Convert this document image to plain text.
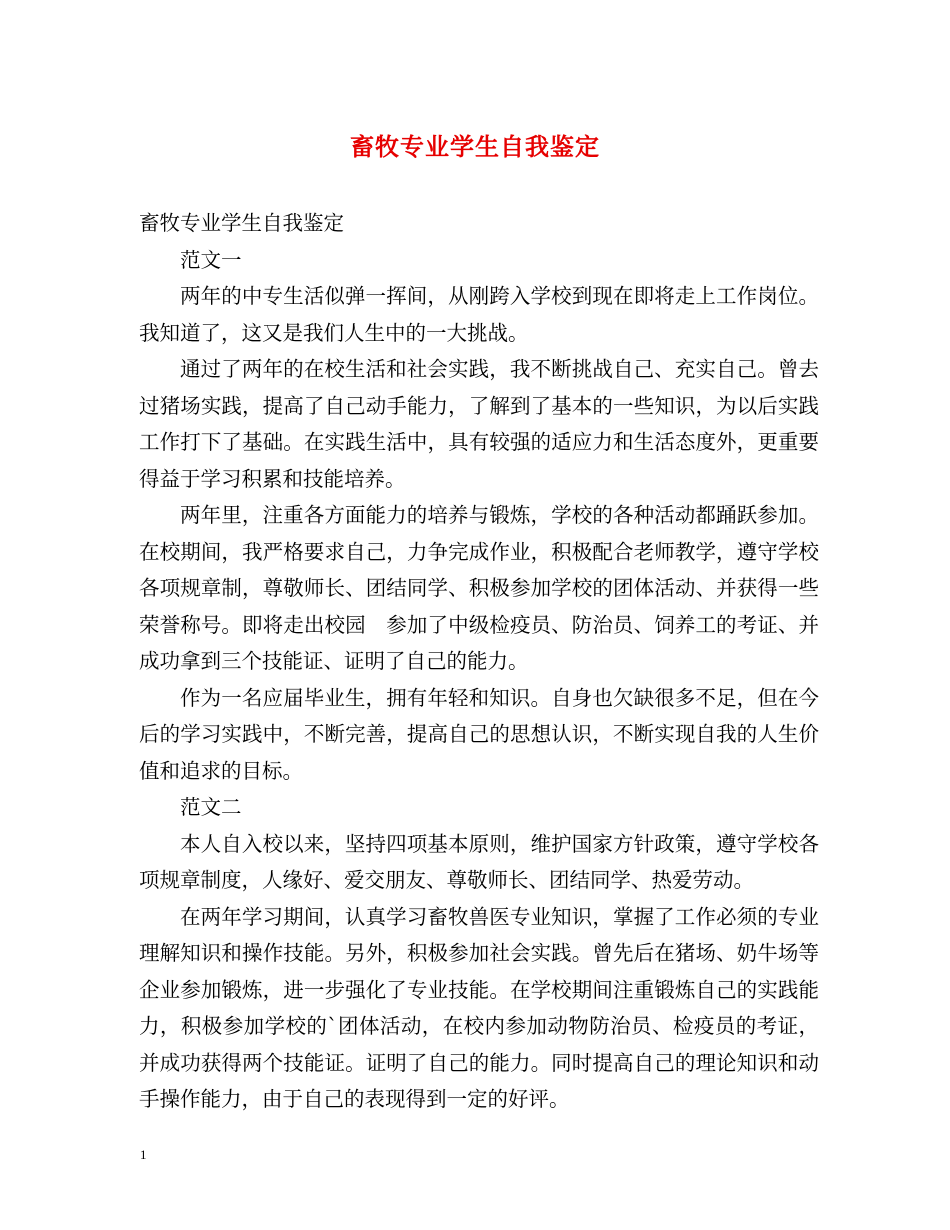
畜牧专业学生自我鉴定

畜牧专业学生自我鉴定

范文一

两年的中专生活似弹一挥间，从刚跨入学校到现在即将走上工作岗位。我知道了，这又是我们人生中的一大挑战。

通过了两年的在校生活和社会实践，我不断挑战自己、充实自己。曾去过猪场实践，提高了自己动手能力，了解到了基本的一些知识，为以后实践工作打下了基础。在实践生活中，具有较强的适应力和生活态度外，更重要得益于学习积累和技能培养。

两年里，注重各方面能力的培养与锻炼，学校的各种活动都踊跃参加。在校期间，我严格要求自己，力争完成作业，积极配合老师教学，遵守学校各项规章制，尊敬师长、团结同学、积极参加学校的团体活动、并获得一些荣誉称号。即将走出校园　参加了中级检疫员、防治员、饲养工的考证、并成功拿到三个技能证、证明了自己的能力。

作为一名应届毕业生，拥有年轻和知识。自身也欠缺很多不足，但在今后的学习实践中，不断完善，提高自己的思想认识，不断实现自我的人生价值和追求的目标。

范文二

本人自入校以来，坚持四项基本原则，维护国家方针政策，遵守学校各项规章制度，人缘好、爱交朋友、尊敬师长、团结同学、热爱劳动。

在两年学习期间，认真学习畜牧兽医专业知识，掌握了工作必须的专业理解知识和操作技能。另外，积极参加社会实践。曾先后在猪场、奶牛场等企业参加锻炼，进一步强化了专业技能。在学校期间注重锻炼自己的实践能力，积极参加学校的`团体活动，在校内参加动物防治员、检疫员的考证，并成功获得两个技能证。证明了自己的能力。同时提高自己的理论知识和动手操作能力，由于自己的表现得到一定的好评。

1
